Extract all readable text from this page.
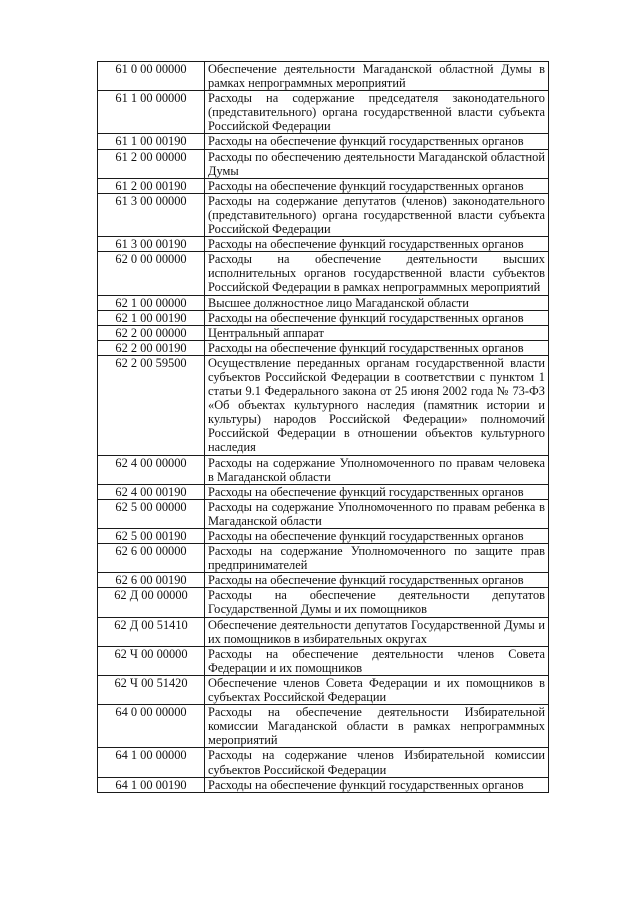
61 0 00 00000	Обеспечение деятельности Магаданской областной Думы в рамках непрограммных мероприятий
61 1 00 00000	Расходы на содержание председателя законодательного (представительного) органа государственной власти субъекта Российской Федерации
61 1 00 00190	Расходы на обеспечение функций государственных органов
61 2 00 00000	Расходы по обеспечению деятельности Магаданской областной Думы
61 2 00 00190	Расходы на обеспечение функций государственных органов
61 3 00 00000	Расходы на содержание депутатов (членов) законодательного (представительного) органа государственной власти субъекта Российской Федерации
61 3 00 00190	Расходы на обеспечение функций государственных органов
62 0 00 00000	Расходы на обеспечение деятельности высших исполнительных органов государственной власти субъектов Российской Федерации в рамках непрограммных мероприятий
62 1 00 00000	Высшее должностное лицо Магаданской области
62 1 00 00190	Расходы на обеспечение функций государственных органов
62 2 00 00000	Центральный аппарат
62 2 00 00190	Расходы на обеспечение функций государственных органов
62 2 00 59500	Осуществление переданных органам государственной власти субъектов Российской Федерации в соответствии с пунктом 1 статьи 9.1 Федерального закона от 25 июня 2002 года № 73-ФЗ «Об объектах культурного наследия (памятник истории и культуры) народов Российской Федерации» полномочий Российской Федерации в отношении объектов культурного наследия
62 4 00 00000	Расходы на содержание Уполномоченного по правам человека в Магаданской области
62 4 00 00190	Расходы на обеспечение функций государственных органов
62 5 00 00000	Расходы на содержание Уполномоченного по правам ребенка в Магаданской области
62 5 00 00190	Расходы на обеспечение функций государственных органов
62 6 00 00000	Расходы на содержание Уполномоченного по защите прав предпринимателей
62 6 00 00190	Расходы на обеспечение функций государственных органов
62 Д 00 00000	Расходы на обеспечение деятельности депутатов Государственной Думы и их помощников
62 Д 00 51410	Обеспечение деятельности депутатов Государственной Думы и их помощников в избирательных округах
62 Ч 00 00000	Расходы на обеспечение деятельности членов Совета Федерации и их помощников
62 Ч 00 51420	Обеспечение членов Совета Федерации и их помощников в субъектах Российской Федерации
64 0 00 00000	Расходы на обеспечение деятельности Избирательной комиссии Магаданской области в рамках непрограммных мероприятий
64 1 00 00000	Расходы на содержание членов Избирательной комиссии субъектов Российской Федерации
64 1 00 00190	Расходы на обеспечение функций государственных органов
